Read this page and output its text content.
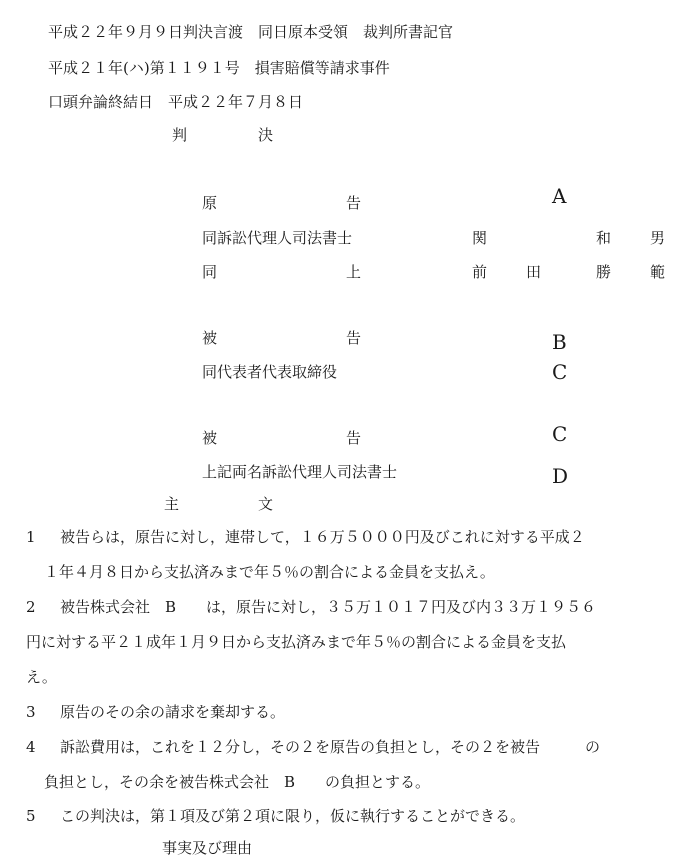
平成２２年９月９日判決言渡　同日原本受領　裁判所書記官
平成２１年(ハ)第１１９１号　損害賠償等請求事件
口頭弁論終結日　平成２２年７月８日
判	決
原	告	A
同訴訟代理人司法書士	関	和	男
同	上	前	田	勝	範
被	告	B
同代表者代表取締役	C
被	告	C
上記両名訴訟代理人司法書士	D
主	文
1 被告らは，原告に対し，連帯して，１６万５０００円及びこれに対する平成２
１年４月８日から支払済みまで年５％の割合による金員を支払え。
2 被告株式会社　B　　は，原告に対し，３５万１０１７円及び内３３万１９５６
円に対する平２１成年１月９日から支払済みまで年５％の割合による金員を支払
え。
3 原告のその余の請求を棄却する。
4 訴訟費用は，これを１２分し，その２を原告の負担とし，その２を被告　　　の
負担とし，その余を被告株式会社　B　　の負担とする。
5 この判決は，第１項及び第２項に限り，仮に執行することができる。
事実及び理由
